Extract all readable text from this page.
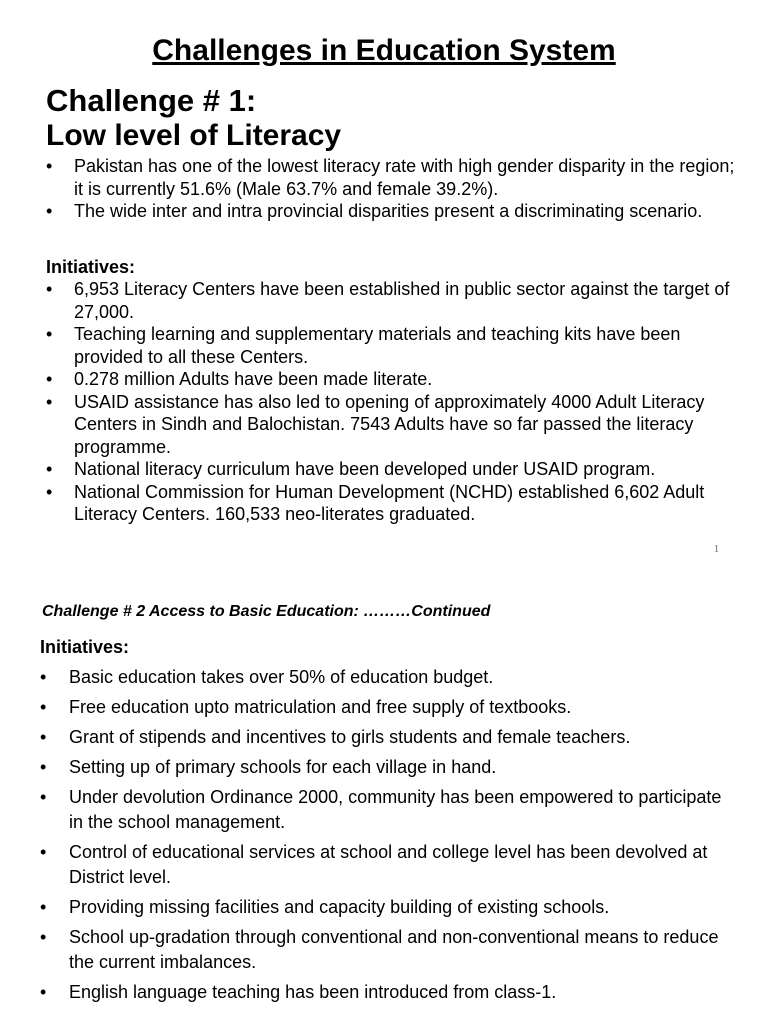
Challenges in Education System
Challenge # 1:
Low level of Literacy
• Pakistan has one of the lowest literacy rate with high gender disparity in the region; it is currently 51.6% (Male 63.7% and female 39.2%).
• The wide inter and intra provincial disparities present a discriminating scenario.

Initiatives:

• 6,953 Literacy Centers have been established in public sector against the target of 27,000.
• Teaching learning and supplementary materials and teaching kits have been provided to all these Centers.
• 0.278 million Adults have been made literate.
• USAID assistance has also led to opening of approximately 4000 Adult Literacy Centers in Sindh and Balochistan. 7543 Adults have so far passed the literacy programme.
• National literacy curriculum have been developed under USAID program.
• National Commission for Human Development (NCHD) established 6,602 Adult Literacy Centers. 160,533 neo-literates graduated.
1

Challenge # 2 Access to Basic Education: ………Continued

Initiatives:

• Basic education takes over 50% of education budget.
• Free education upto matriculation and free supply of textbooks.
• Grant of stipends and incentives to girls students and female teachers.
• Setting up of primary schools for each village in hand.
• Under devolution Ordinance 2000, community has been empowered to participate in the school management.
• Control of educational services at school and college level has been devolved at District level.
• Providing missing facilities and capacity building of existing schools.
• School up-gradation through conventional and non-conventional means to reduce the current imbalances.
• English language teaching has been introduced from class-1.
